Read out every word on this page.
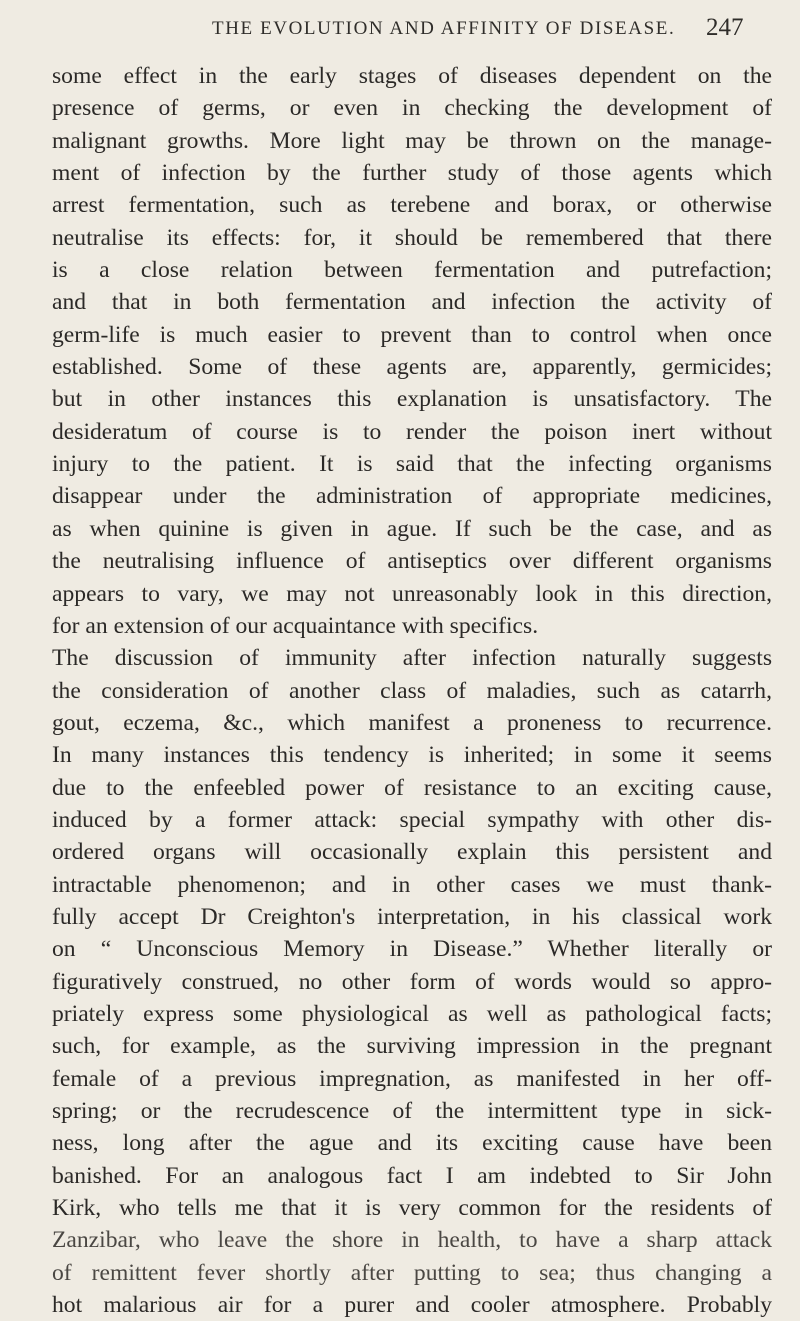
THE EVOLUTION AND AFFINITY OF DISEASE. 247
some effect in the early stages of diseases dependent on the
presence of germs, or even in checking the development of
malignant growths. More light may be thrown on the manage-
ment of infection by the further study of those agents which
arrest fermentation, such as terebene and borax, or otherwise
neutralise its effects: for, it should be remembered that there
is a close relation between fermentation and putrefaction;
and that in both fermentation and infection the activity of
germ-life is much easier to prevent than to control when once
established. Some of these agents are, apparently, germicides;
but in other instances this explanation is unsatisfactory. The
desideratum of course is to render the poison inert without
injury to the patient. It is said that the infecting organisms
disappear under the administration of appropriate medicines,
as when quinine is given in ague. If such be the case, and as
the neutralising influence of antiseptics over different organisms
appears to vary, we may not unreasonably look in this direction,
for an extension of our acquaintance with specifics.
The discussion of immunity after infection naturally suggests
the consideration of another class of maladies, such as catarrh,
gout, eczema, &c., which manifest a proneness to recurrence.
In many instances this tendency is inherited; in some it seems
due to the enfeebled power of resistance to an exciting cause,
induced by a former attack: special sympathy with other dis-
ordered organs will occasionally explain this persistent and
intractable phenomenon; and in other cases we must thank-
fully accept Dr Creighton's interpretation, in his classical work
on “ Unconscious Memory in Disease.” Whether literally or
figuratively construed, no other form of words would so appro-
priately express some physiological as well as pathological facts;
such, for example, as the surviving impression in the pregnant
female of a previous impregnation, as manifested in her off-
spring; or the recrudescence of the intermittent type in sick-
ness, long after the ague and its exciting cause have been
banished. For an analogous fact I am indebted to Sir John
Kirk, who tells me that it is very common for the residents of
Zanzibar, who leave the shore in health, to have a sharp attack
of remittent fever shortly after putting to sea; thus changing a
hot malarious air for a purer and cooler atmosphere. Probably
